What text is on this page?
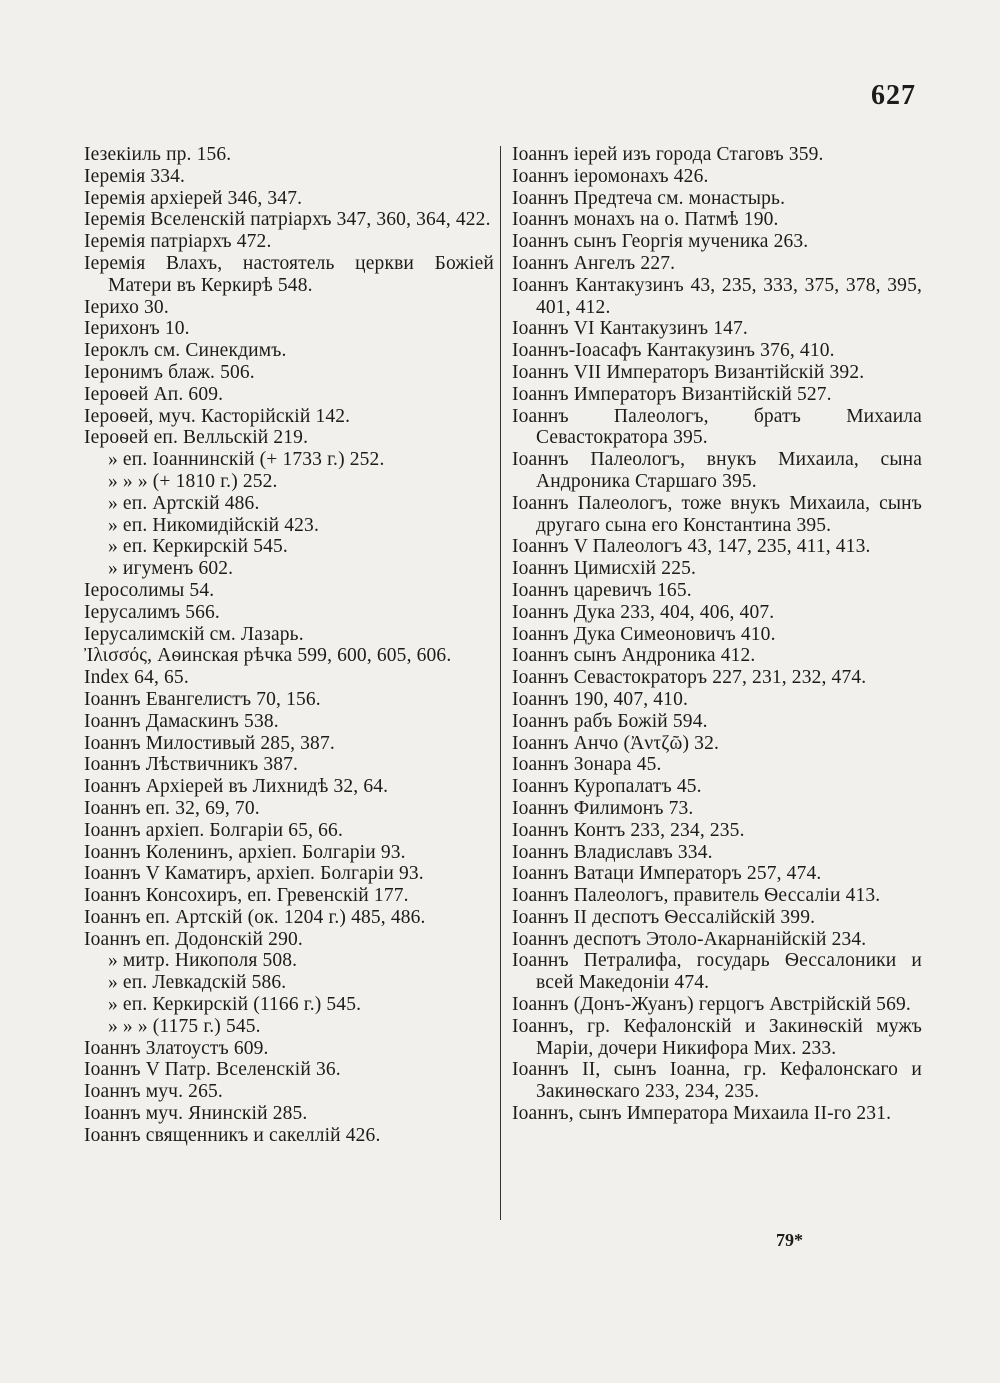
627
Iезекiиль пр. 156.
Iеремiя 334.
Iеремiя архiерей 346, 347.
Iеремiя Вселенскiй патрiархъ 347, 360, 364, 422.
Iеремiя патрiархъ 472.
Iеремiя Влахъ, настоятель церкви Божiей Матери въ Керкирѣ 548.
Iерихо 30.
Iерихонъ 10.
Iероклъ см. Синекдимъ.
Iеронимъ блаж. 506.
Iероѳей Ап. 609.
Iероѳей, муч. Касторiйскiй 142.
Iероѳей еп. Велльскiй 219.
» еп. Iоаннинскiй (+ 1733 г.) 252.
» » » (+ 1810 г.) 252.
» еп. Артскiй 486.
» еп. Никомидiйскiй 423.
» еп. Керкирскiй 545.
» игуменъ 602.
Iеросолимы 54.
Iерусалимъ 566.
Iерусалимскiй см. Лазарь.
Ἰλισσός, Аѳинская рѣчка 599, 600, 605, 606.
Index 64, 65.
Iоаннъ Евангелистъ 70, 156.
Iоаннъ Дамаскинъ 538.
Iоаннъ Милостивый 285, 387.
Iоаннъ Лѣствичникъ 387.
Iоаннъ Архiерей въ Лихнидѣ 32, 64.
Iоаннъ еп. 32, 69, 70.
Iоаннъ архiеп. Болгарiи 65, 66.
Iоаннъ Коленинъ, архiеп. Болгарiи 93.
Iоаннъ V Каматиръ, архiеп. Болгарiи 93.
Iоаннъ Консохиръ, еп. Гревенскiй 177.
Iоаннъ еп. Артскiй (ок. 1204 г.) 485, 486.
Iоаннъ еп. Додонскiй 290.
» митр. Никополя 508.
» еп. Левкадскiй 586.
» еп. Керкирскiй (1166 г.) 545.
» » » (1175 г.) 545.
Iоаннъ Златоустъ 609.
Iоаннъ V Патр. Вселенскiй 36.
Iоаннъ муч. 265.
Iоаннъ муч. Янинскiй 285.
Iоаннъ священникъ и сакеллiй 426.
Iоаннъ iерей изъ города Стаговъ 359.
Iоаннъ iеромонахъ 426.
Iоаннъ Предтеча см. монастырь.
Iоаннъ монахъ на о. Патмѣ 190.
Iоаннъ сынъ Георгiя мученика 263.
Iоаннъ Ангелъ 227.
Iоаннъ Кантакузинъ 43, 235, 333, 375, 378, 395, 401, 412.
Iоаннъ VI Кантакузинъ 147.
Iоаннъ-Iоасафъ Кантакузинъ 376, 410.
Iоаннъ VII Императоръ Византiйскiй 392.
Iоаннъ Императоръ Византiйскiй 527.
Iоаннъ Палеологъ, братъ Михаила Севастократора 395.
Iоаннъ Палеологъ, внукъ Михаила, сына Андроника Старшаго 395.
Iоаннъ Палеологъ, тоже внукъ Михаила, сынъ другаго сына его Константина 395.
Iоаннъ V Палеологъ 43, 147, 235, 411, 413.
Iоаннъ Цимисхiй 225.
Iоаннъ царевичъ 165.
Iоаннъ Дука 233, 404, 406, 407.
Iоаннъ Дука Симеоновичъ 410.
Iоаннъ сынъ Андроника 412.
Iоаннъ Севастократоръ 227, 231, 232, 474.
Iоаннъ 190, 407, 410.
Iоаннъ рабъ Божiй 594.
Iоаннъ Анчо (Ἀντζῶ) 32.
Iоаннъ Зонара 45.
Iоаннъ Куропалатъ 45.
Iоаннъ Филимонъ 73.
Iоаннъ Контъ 233, 234, 235.
Iоаннъ Владиславъ 334.
Iоаннъ Ватаци Императоръ 257, 474.
Iоаннъ Палеологъ, правитель Ѳессалiи 413.
Iоаннъ II деспотъ Ѳессалiйскiй 399.
Iоаннъ деспотъ Этоло-Акарнанiйскiй 234.
Iоаннъ Петралифа, государь Ѳессалоники и всей Македонiи 474.
Iоаннъ (Донъ-Жуанъ) герцогъ Австрiйскiй 569.
Iоаннъ, гр. Кефалонскiй и Закинѳскiй мужъ Марiи, дочери Никифора Мих. 233.
Iоаннъ II, сынъ Iоанна, гр. Кефалонскаго и Закинѳскаго 233, 234, 235.
Iоаннъ, сынъ Императора Михаила II-го 231.
79*
